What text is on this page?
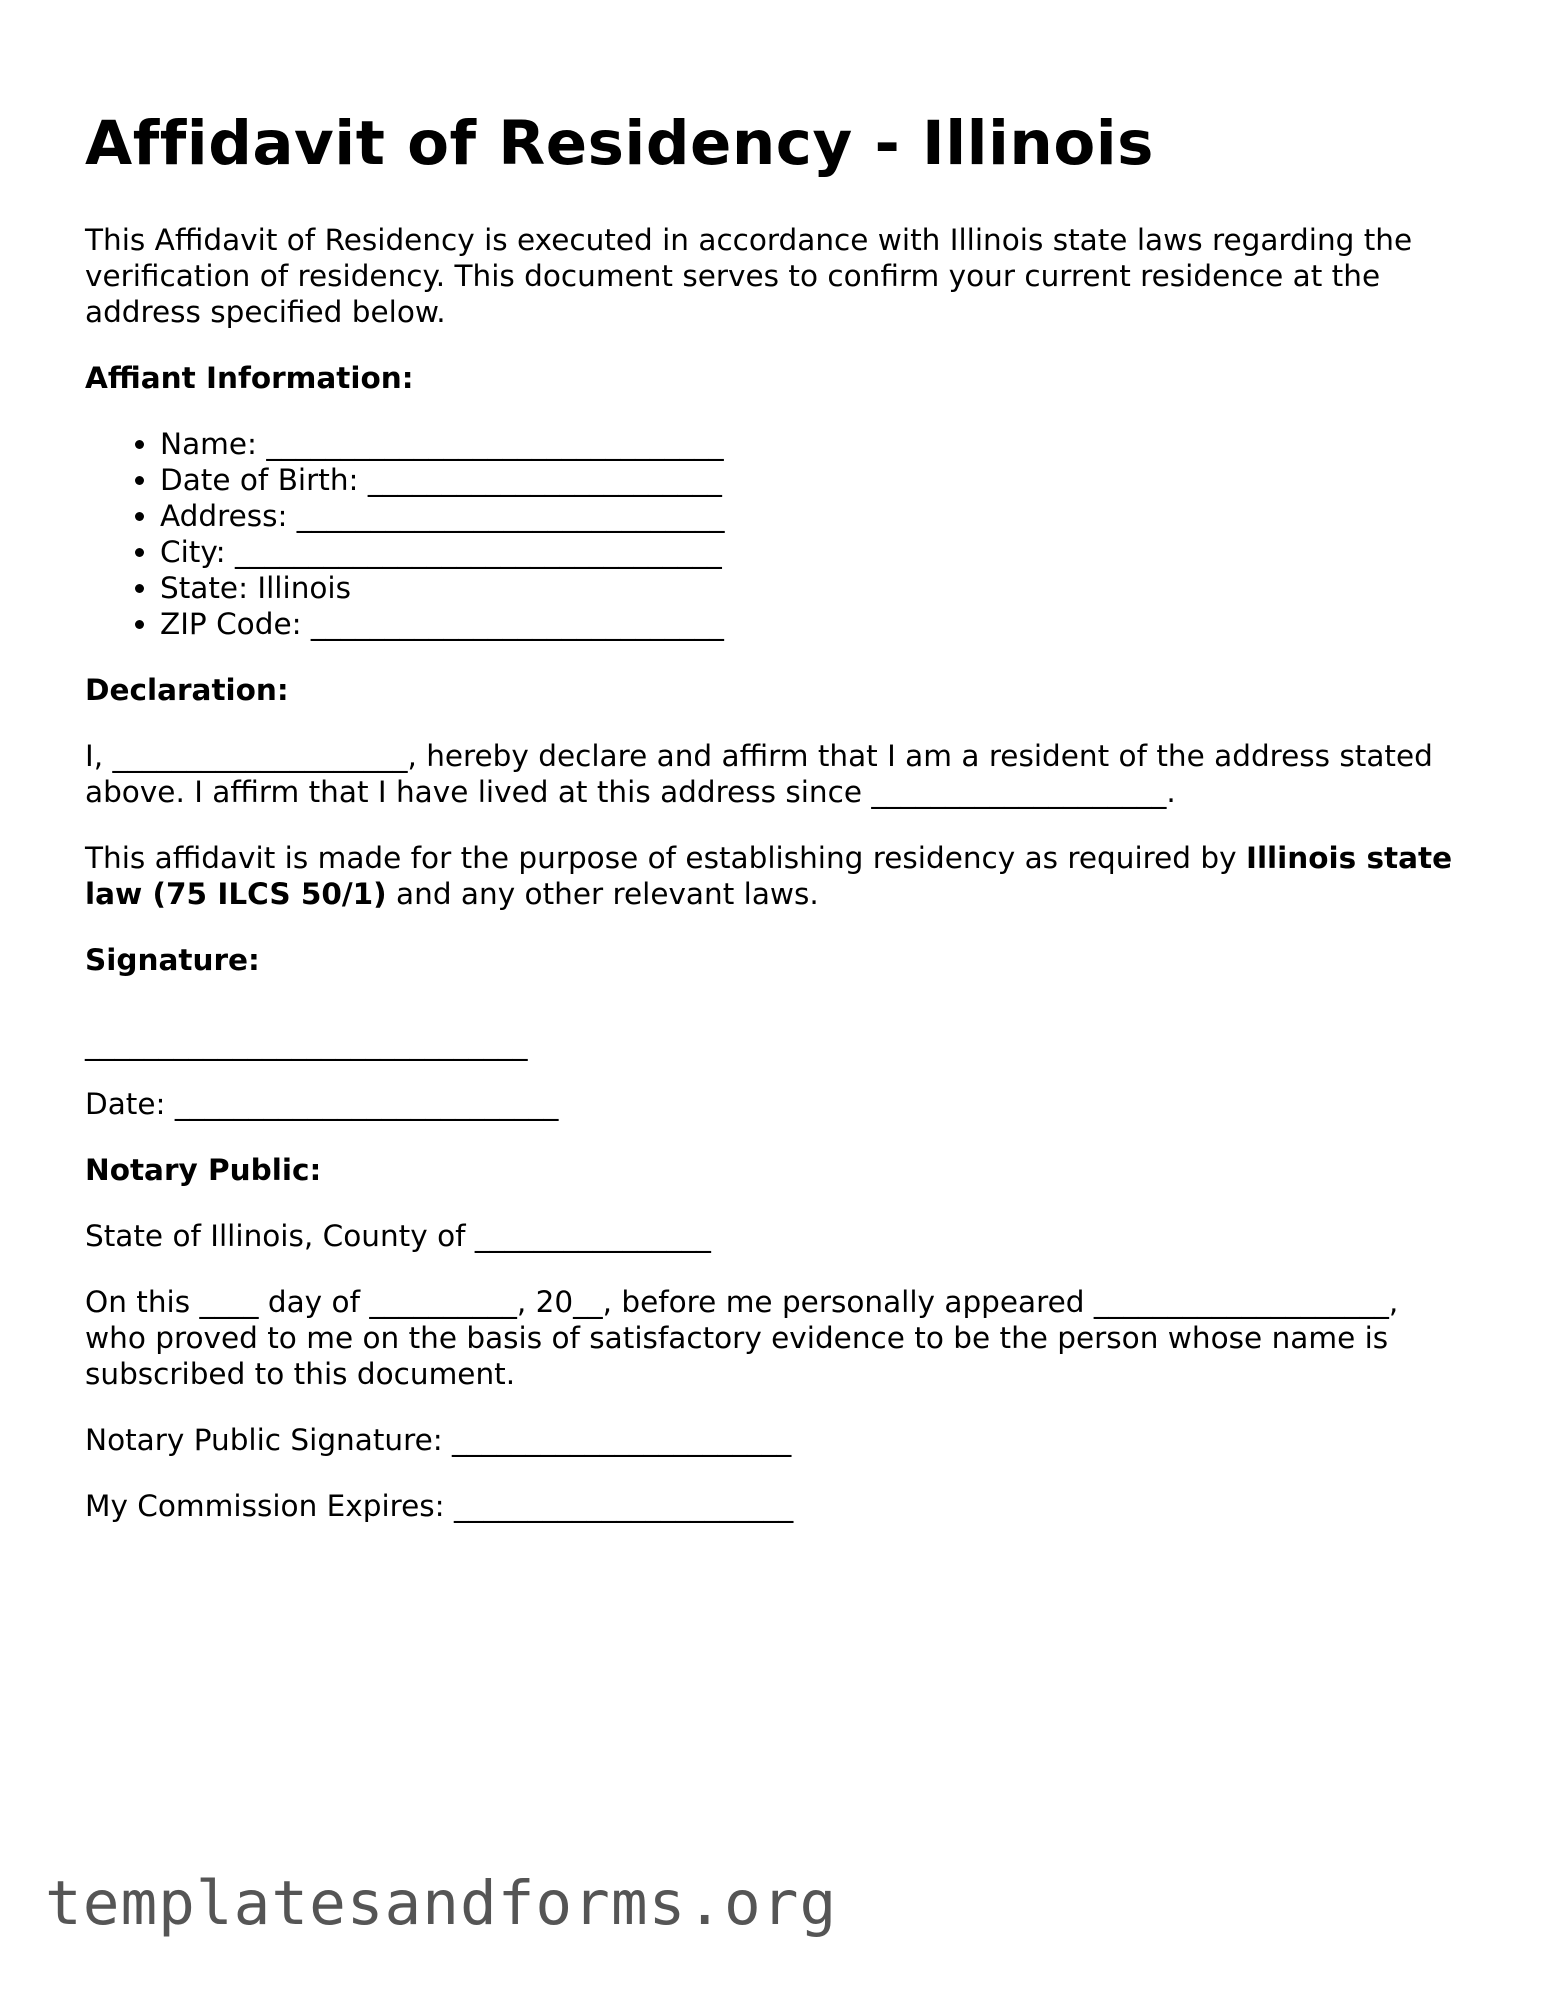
Affidavit of Residency - Illinois

This Affidavit of Residency is executed in accordance with Illinois state laws regarding the verification of residency. This document serves to confirm your current residence at the address specified below.

Affiant Information:
• Name: _______________________________
• Date of Birth: ________________________
• Address: _____________________________
• City: _________________________________
• State: Illinois
• ZIP Code: ____________________________
Declaration:

I, ____________________, hereby declare and affirm that I am a resident of the address stated above. I affirm that I have lived at this address since ____________________.

This affidavit is made for the purpose of establishing residency as required by Illinois state law (75 ILCS 50/1) and any other relevant laws.

Signature:

______________________________

Date: __________________________

Notary Public:

State of Illinois, County of ________________

On this ____ day of __________, 20__, before me personally appeared ____________________, who proved to me on the basis of satisfactory evidence to be the person whose name is subscribed to this document.

Notary Public Signature: _______________________

My Commission Expires: _______________________

templatesandforms.org
